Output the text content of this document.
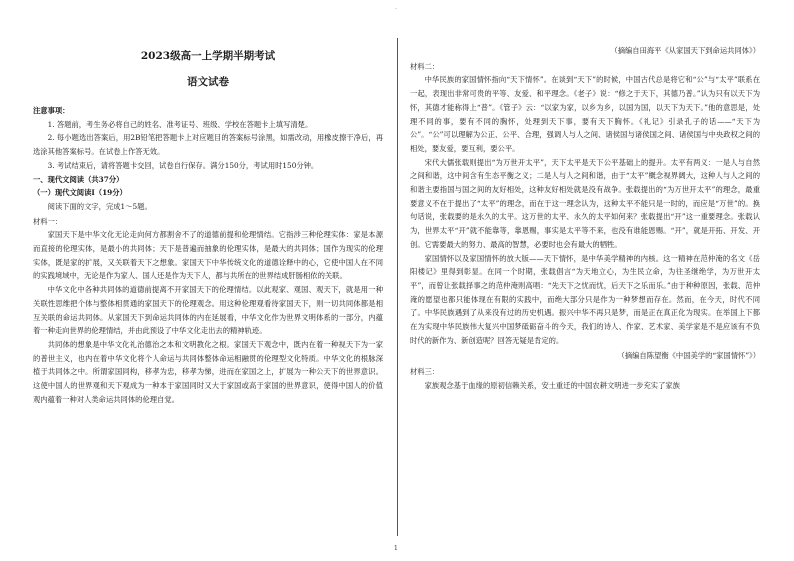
·
2023级高一上学期半期考试
语文试卷

注意事项：

1. 答题前，考生务必将自己的姓名、准考证号、班级、学校在答题卡上填写清楚。

2. 每小题选出答案后，用2B铅笔把答题卡上对应题目的答案标号涂黑，如需改动，用橡皮擦干净后，再选涂其他答案标号。在试卷上作答无效。

3. 考试结束后，请将答题卡交回，试卷自行保存。满分150分，考试用时150分钟。

一、现代文阅读（共37分）

（一）现代文阅读Ⅰ（19分）

阅读下面的文字，完成1～5题。

材料一：

家国天下是中华文化无论走向何方都割舍不了的道德前提和伦理情结。它指涉三种伦理实体：家是本源而直接的伦理实体，是最小的共同体；天下是普遍而抽象的伦理实体，是最大的共同体；国作为现实的伦理实体，既是家的扩展，又关联着天下之想象。家国天下中华传统文化的道德诠释中的心，它使中国人在不同的实践境域中，无论是作为家人、国人还是作为天下人，都与共所在的世界结成肝肠相依的关联。

中华文化中各种共同体的道德前提离不开家国天下的伦理情结。以此观家、观国、观天下，就是用一种关联性思维把个体与整体相贯通的家国天下的伦理观念。用这种伦理观看待家国天下，则一切共同体都是相互关联的命运共同体。从家国天下到命运共同体的内在延展看，中华文化作为世界文明体系的一部分，内蕴着一种走向世界的伦理情结，并由此预设了中华文化走出去的精神轨迹。

共同体的想象是中华文化礼治德治之本和文明教化之根。家国天下观念中，既内在着一种视天下为一家的普世主义，也内在着中华文化将个人命运与共同体整体命运相融贯的伦理型文化特质。中华文化的根脉深植于共同体之中。所谓家国同构，移孝为忠，移孝为悌，进而在家国之上，扩展为一种公天下的世界意识。这使中国人的世界观和天下观成为一种本于家国同时又大于家国或高于家国的世界意识，使得中国人的价值观内蕴着一种对人类命运共同体的伦理自觉。

（摘编自田海平《从家国天下到命运共同体》）

材料二：

中华民族的家国情怀指向“天下情怀”。在谈到“天下”的时候，中国古代总是将它和“公”与“太平”联系在一起，表现出非常可贵的平等、友爱、和平理念。《老子》说：“修之于天下，其德乃普。”认为只有以天下为怀，其德才能称得上“普”。《管子》云：“以家为家，以乡为乡，以国为国，以天下为天下。”他的意思是，处理不同的事，要有不同的胸怀，处理到天下事，要有天下胸怀。《礼记》引录孔子的话——“天下为公”。“公”可以理解为公正、公平、合理，强调人与人之间、诸侯国与诸侯国之间、诸侯国与中央政权之间的相处，要友爱，要互利，要公平。

宋代大儒张载则提出“为万世开太平”，天下太平是天下公平基础上的提升。太平有两义：一是人与自然之间和谐，这中间含有生态平衡之义；二是人与人之间和谐，由于“太平”概念视界阔大，这种人与人之间的和谐主要指国与国之间的友好相处，这种友好相处就是没有战争。张载提出的“为万世开太平”的理念，最重要意义不在于提出了“太平”的理念，而在于这一理念认为，这种太平不能只是一时的，而应是“万世”的。换句话说，张载要的是永久的太平。这万世的太平、永久的太平如何来？张载提出“开”这一重要理念。张载认为，世界太平“开”就不能靠等，靠恩赐，事实是太平等不来，也没有谁能恩赐。“开”，就是开拓、开发、开创。它需要最大的努力、最高的智慧，必要时也会有最大的牺牲。

家国情怀以及家国情怀的放大版——天下情怀，是中华美学精神的内核。这一精神在范仲淹的名文《岳阳楼记》里得到彰显。在同一个时期，张载倡言“为天地立心，为生民立命，为往圣继绝学，为万世开太平”，而曾让张载择事之的范仲淹则高唱：“先天下之忧而忧，后天下之乐而乐。”由于种种原因，张载、范仲淹的愿望也都只能体现在有限的实践中，而绝大部分只是作为一种梦想而存在。然而，在今天，时代不同了。中华民族遇到了从来没有过的历史机遇。振兴中华不再只是梦，而是正在真正化为现实。在举国上下都在为实现中华民族伟大复兴中国梦砥砺奋斗的今天，我们的诗人、作家、艺术家、美学家是不是应该有不负时代的新作为、新创造呢？回答无疑是肯定的。

（摘编自陈望衡《中国美学的“家国情怀”》）

材料三：

家族观念基于血缘的原初信赖关系，安土重迁的中国农耕文明进一步充实了家族

1
